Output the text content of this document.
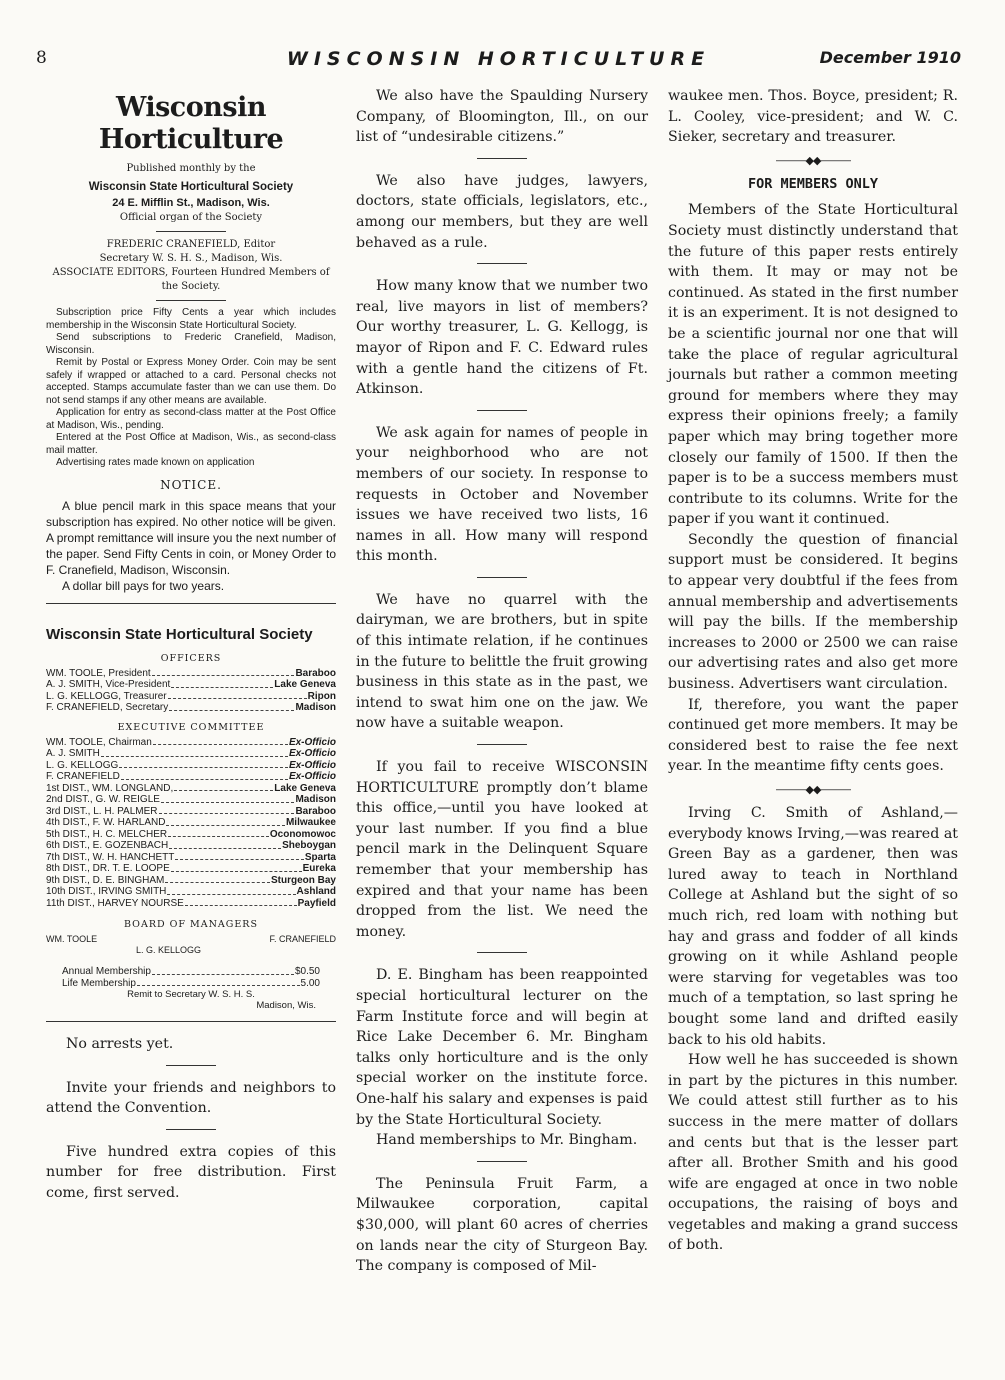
8	WISCONSIN HORTICULTURE	December 1910
Wisconsin Horticulture
Published monthly by the
Wisconsin State Horticultural Society
24 E. Mifflin St., Madison, Wis.
Official organ of the Society
FREDERIC CRANEFIELD, Editor
Secretary W. S. H. S., Madison, Wis.
ASSOCIATE EDITORS, Fourteen Hundred Members of the Society.

Subscription price Fifty Cents a year which includes membership in the Wisconsin State Horticultural Society.

Send subscriptions to Frederic Cranefield, Madison, Wisconsin.

Remit by Postal or Express Money Order. Coin may be sent safely if wrapped or attached to a card. Personal checks not accepted. Stamps accumulate faster than we can use them. Do not send stamps if any other means are available.

Application for entry as second-class matter at the Post Office at Madison, Wis., pending.

Entered at the Post Office at Madison, Wis., as second-class mail matter.

Advertising rates made known on application

NOTICE.

A blue pencil mark in this space means that your subscription has expired. No other notice will be given. A prompt remittance will insure you the next number of the paper. Send Fifty Cents in coin, or Money Order to F. Cranefield, Madison, Wisconsin.

A dollar bill pays for two years.

Wisconsin State Horticultural Society
OFFICERS
WM. TOOLE, President	Baraboo
A. J. SMITH, Vice-President	Lake Geneva
L. G. KELLOGG, Treasurer	Ripon
F. CRANEFIELD, Secretary	Madison
EXECUTIVE COMMITTEE
WM. TOOLE, Chairman	Ex-Officio
A. J. SMITH	Ex-Officio
L. G. KELLOGG	Ex-Officio
F. CRANEFIELD	Ex-Officio
1st DIST., WM. LONGLAND,	Lake Geneva
2nd DIST., G. W. REIGLE	Madison
3rd DIST., L. H. PALMER	Baraboo
4th DIST., F. W. HARLAND	Milwaukee
5th DIST., H. C. MELCHER	Oconomowoc
6th DIST., E. GOZENBACH	Sheboygan
7th DIST., W. H. HANCHETT	Sparta
8th DIST., DR. T. E. LOOPE	Eureka
9th DIST., D. E. BINGHAM	Sturgeon Bay
10th DIST., IRVING SMITH	Ashland
11th DIST., HARVEY NOURSE	Payfield
BOARD OF MANAGERS
WM. TOOLE	F. CRANEFIELD
L. G. KELLOGG
Annual Membership	$0.50
Life Membership	5.00
Remit to Secretary W. S. H. S.
Madison, Wis.

No arrests yet.

Invite your friends and neighbors to attend the Convention.

Five hundred extra copies of this number for free distribution. First come, first served.

We also have the Spaulding Nursery Company, of Bloomington, Ill., on our list of “undesirable citizens.”

We also have judges, lawyers, doctors, state officials, legislators, etc., among our members, but they are well behaved as a rule.

How many know that we number two real, live mayors in list of members? Our worthy treasurer, L. G. Kellogg, is mayor of Ripon and F. C. Edward rules with a gentle hand the citizens of Ft. Atkinson.

We ask again for names of people in your neighborhood who are not members of our society. In response to requests in October and November issues we have received two lists, 16 names in all. How many will respond this month.

We have no quarrel with the dairyman, we are brothers, but in spite of this intimate relation, if he continues in the future to belittle the fruit growing business in this state as in the past, we intend to swat him one on the jaw. We now have a suitable weapon.

If you fail to receive WISCONSIN HORTICULTURE promptly don’t blame this office,—until you have looked at your last number. If you find a blue pencil mark in the Delinquent Square remember that your membership has expired and that your name has been dropped from the list. We need the money.

D. E. Bingham has been reappointed special horticultural lecturer on the Farm Institute force and will begin at Rice Lake December 6. Mr. Bingham talks only horticulture and is the only special worker on the institute force. One-half his salary and expenses is paid by the State Horticultural Society.

Hand memberships to Mr. Bingham.

The Peninsula Fruit Farm, a Milwaukee corporation, capital $30,000, will plant 60 acres of cherries on lands near the city of Sturgeon Bay. The company is composed of Mil-

waukee men. Thos. Boyce, president; R. L. Cooley, vice-president; and W. C. Sieker, secretary and treasurer.

———◆◆———
FOR MEMBERS ONLY

Members of the State Horticultural Society must distinctly understand that the future of this paper rests entirely with them. It may or may not be continued. As stated in the first number it is an experiment. It is not designed to be a scientific journal nor one that will take the place of regular agricultural journals but rather a common meeting ground for members where they may express their opinions freely; a family paper which may bring together more closely our family of 1500. If then the paper is to be a success members must contribute to its columns. Write for the paper if you want it continued.

Secondly the question of financial support must be considered. It begins to appear very doubtful if the fees from annual membership and advertisements will pay the bills. If the membership increases to 2000 or 2500 we can raise our advertising rates and also get more business. Advertisers want circulation.

If, therefore, you want the paper continued get more members. It may be considered best to raise the fee next year. In the meantime fifty cents goes.

———◆◆———

Irving C. Smith of Ashland,—everybody knows Irving,—was reared at Green Bay as a gardener, then was lured away to teach in Northland College at Ashland but the sight of so much rich, red loam with nothing but hay and grass and fodder of all kinds growing on it while Ashland people were starving for vegetables was too much of a temptation, so last spring he bought some land and drifted easily back to his old habits.

How well he has succeeded is shown in part by the pictures in this number. We could attest still further as to his success in the mere matter of dollars and cents but that is the lesser part after all. Brother Smith and his good wife are engaged at once in two noble occupations, the raising of boys and vegetables and making a grand success of both.
